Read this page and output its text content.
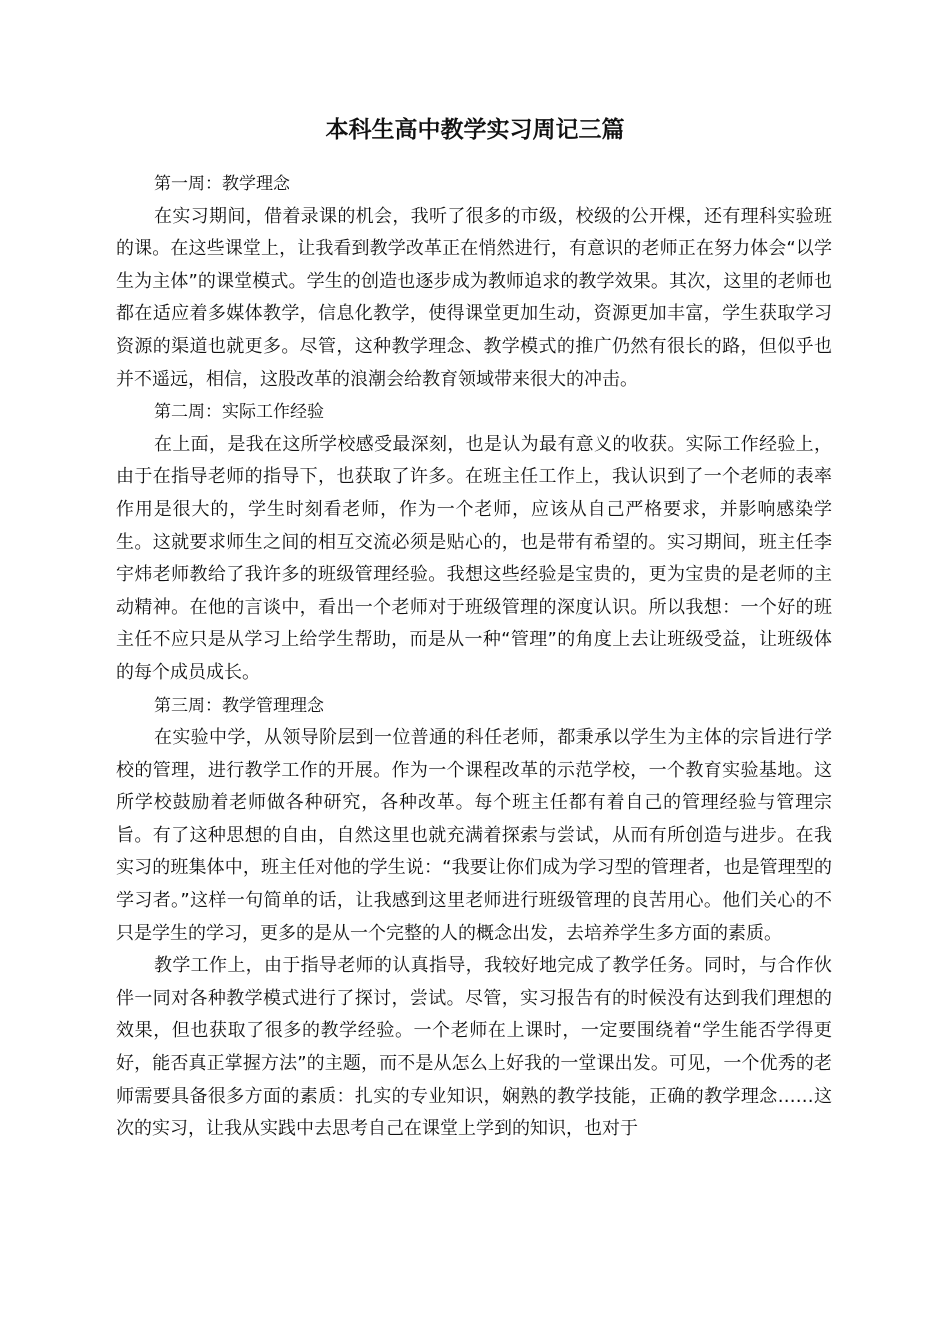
本科生高中教学实习周记三篇

第一周：教学理念

在实习期间，借着录课的机会，我听了很多的市级，校级的公开棵，还有理科实验班的课。在这些课堂上，让我看到教学改革正在悄然进行，有意识的老师正在努力体会“以学生为主体”的课堂模式。学生的创造也逐步成为教师追求的教学效果。其次，这里的老师也都在适应着多媒体教学，信息化教学，使得课堂更加生动，资源更加丰富，学生获取学习资源的渠道也就更多。尽管，这种教学理念、教学模式的推广仍然有很长的路，但似乎也并不遥远，相信，这股改革的浪潮会给教育领域带来很大的冲击。

第二周：实际工作经验

在上面，是我在这所学校感受最深刻，也是认为最有意义的收获。实际工作经验上，由于在指导老师的指导下，也获取了许多。在班主任工作上，我认识到了一个老师的表率作用是很大的，学生时刻看老师，作为一个老师，应该从自己严格要求，并影响感染学生。这就要求师生之间的相互交流必须是贴心的，也是带有希望的。实习期间，班主任李宇炜老师教给了我许多的班级管理经验。我想这些经验是宝贵的，更为宝贵的是老师的主动精神。在他的言谈中，看出一个老师对于班级管理的深度认识。所以我想：一个好的班主任不应只是从学习上给学生帮助，而是从一种“管理”的角度上去让班级受益，让班级体的每个成员成长。

第三周：教学管理理念

在实验中学，从领导阶层到一位普通的科任老师，都秉承以学生为主体的宗旨进行学校的管理，进行教学工作的开展。作为一个课程改革的示范学校，一个教育实验基地。这所学校鼓励着老师做各种研究，各种改革。每个班主任都有着自己的管理经验与管理宗旨。有了这种思想的自由，自然这里也就充满着探索与尝试，从而有所创造与进步。在我实习的班集体中，班主任对他的学生说：“我要让你们成为学习型的管理者，也是管理型的学习者。”这样一句简单的话，让我感到这里老师进行班级管理的良苦用心。他们关心的不只是学生的学习，更多的是从一个完整的人的概念出发，去培养学生多方面的素质。

教学工作上，由于指导老师的认真指导，我较好地完成了教学任务。同时，与合作伙伴一同对各种教学模式进行了探讨，尝试。尽管，实习报告有的时候没有达到我们理想的效果，但也获取了很多的教学经验。一个老师在上课时，一定要围绕着“学生能否学得更好，能否真正掌握方法”的主题，而不是从怎么上好我的一堂课出发。可见，一个优秀的老师需要具备很多方面的素质：扎实的专业知识，娴熟的教学技能，正确的教学理念……这次的实习，让我从实践中去思考自己在课堂上学到的知识，也对于
